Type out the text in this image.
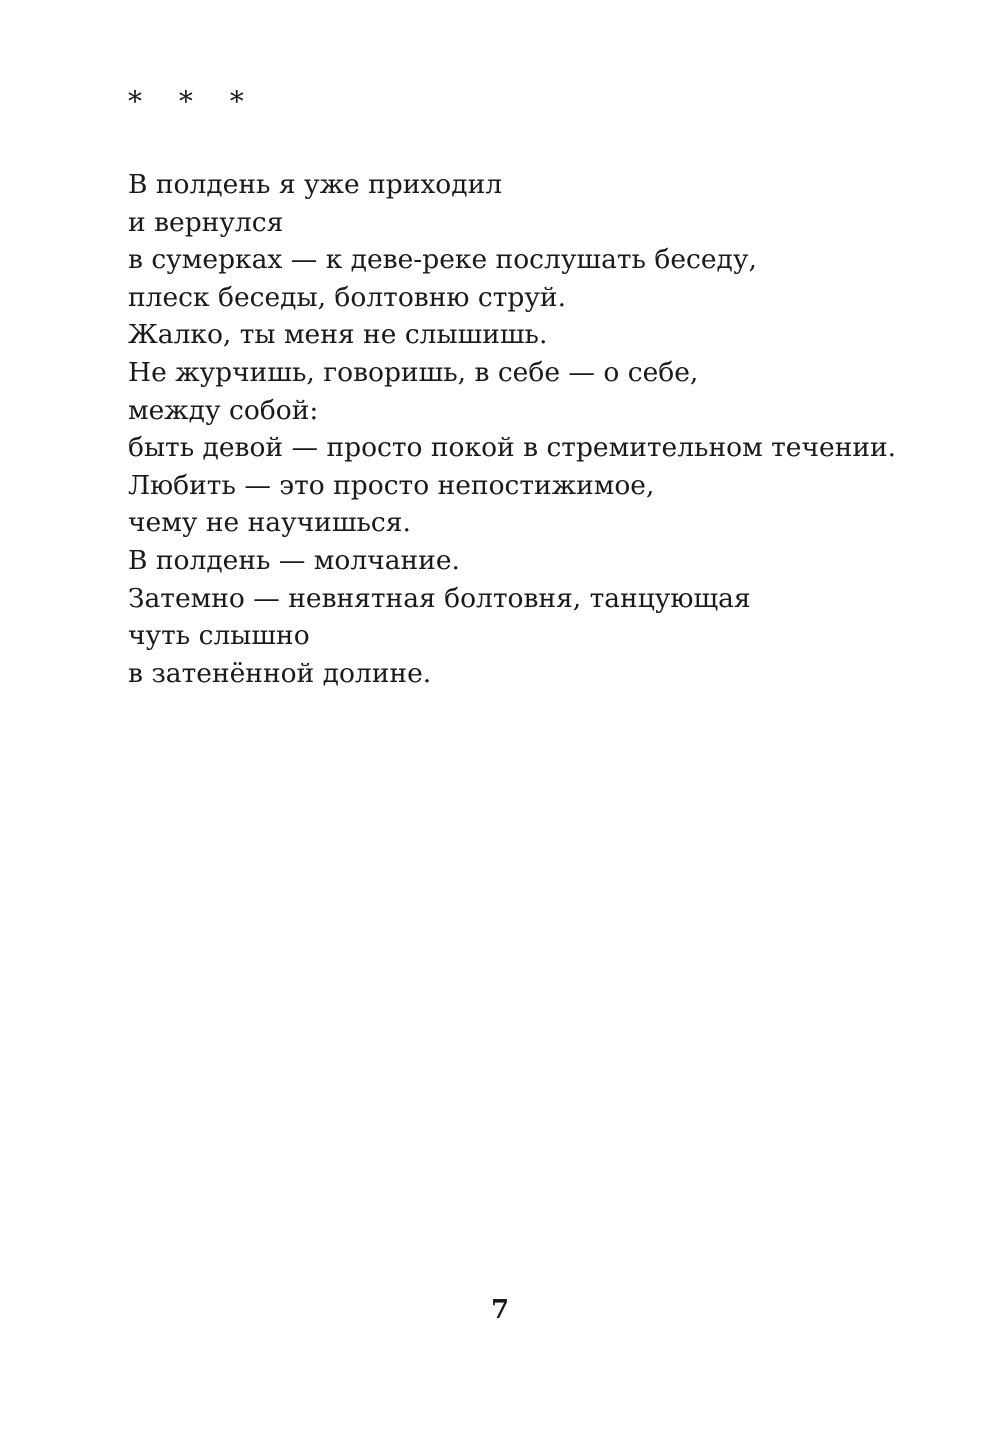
* * *
В полдень я уже приходил
и вернулся
в сумерках — к деве-реке послушать беседу,
плеск беседы, болтовню струй.
Жалко, ты меня не слышишь.
Не журчишь, говоришь, в себе — о себе,
между собой:
быть девой — просто покой в стремительном течении.
Любить — это просто непостижимое,
чему не научишься.
В полдень — молчание.
Затемно — невнятная болтовня, танцующая
чуть слышно
в затенённой долине.
7
